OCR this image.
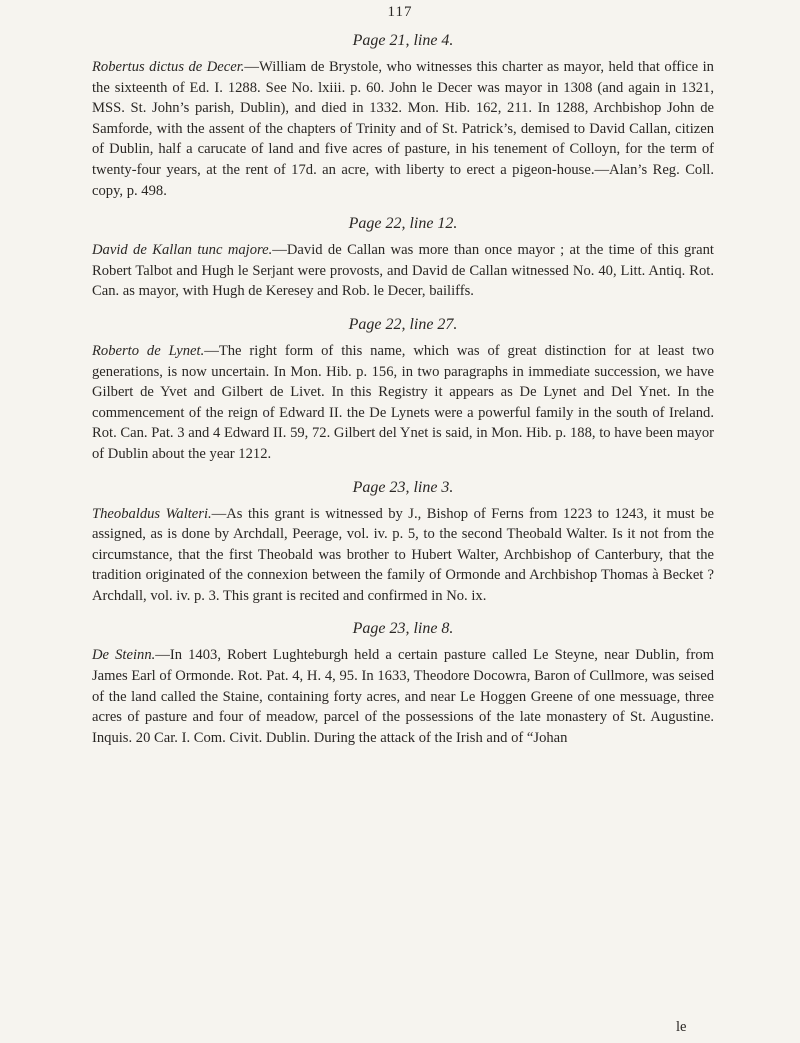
117

Page 21, line 4.

Robertus dictus de Decer.—William de Brystole, who witnesses this charter as mayor, held that office in the sixteenth of Ed. I. 1288. See No. lxiii. p. 60. John le Decer was mayor in 1308 (and again in 1321, MSS. St. John’s parish, Dublin), and died in 1332. Mon. Hib. 162, 211. In 1288, Archbishop John de Samforde, with the assent of the chapters of Trinity and of St. Patrick’s, demised to David Callan, citizen of Dublin, half a carucate of land and five acres of pasture, in his tenement of Colloyn, for the term of twenty-four years, at the rent of 17d. an acre, with liberty to erect a pigeon-house.—Alan’s Reg. Coll. copy, p. 498.

Page 22, line 12.

David de Kallan tunc majore.—David de Callan was more than once mayor ; at the time of this grant Robert Talbot and Hugh le Serjant were provosts, and David de Callan witnessed No. 40, Litt. Antiq. Rot. Can. as mayor, with Hugh de Keresey and Rob. le Decer, bailiffs.

Page 22, line 27.

Roberto de Lynet.—The right form of this name, which was of great distinction for at least two generations, is now uncertain. In Mon. Hib. p. 156, in two paragraphs in immediate succession, we have Gilbert de Yvet and Gilbert de Livet. In this Registry it appears as De Lynet and Del Ynet. In the commencement of the reign of Edward II. the De Lynets were a powerful family in the south of Ireland. Rot. Can. Pat. 3 and 4 Edward II. 59, 72. Gilbert del Ynet is said, in Mon. Hib. p. 188, to have been mayor of Dublin about the year 1212.

Page 23, line 3.

Theobaldus Walteri.—As this grant is witnessed by J., Bishop of Ferns from 1223 to 1243, it must be assigned, as is done by Archdall, Peerage, vol. iv. p. 5, to the second Theobald Walter. Is it not from the circumstance, that the first Theobald was brother to Hubert Walter, Archbishop of Canterbury, that the tradition originated of the connexion between the family of Ormonde and Archbishop Thomas à Becket ? Archdall, vol. iv. p. 3. This grant is recited and confirmed in No. ix.

Page 23, line 8.

De Steinn.—In 1403, Robert Lughteburgh held a certain pasture called Le Steyne, near Dublin, from James Earl of Ormonde. Rot. Pat. 4, H. 4, 95. In 1633, Theodore Docowra, Baron of Cullmore, was seised of the land called the Staine, containing forty acres, and near Le Hoggen Greene of one messuage, three acres of pasture and four of meadow, parcel of the possessions of the late monastery of St. Augustine. Inquis. 20 Car. I. Com. Civit. Dublin. During the attack of the Irish and of “Johan

le
